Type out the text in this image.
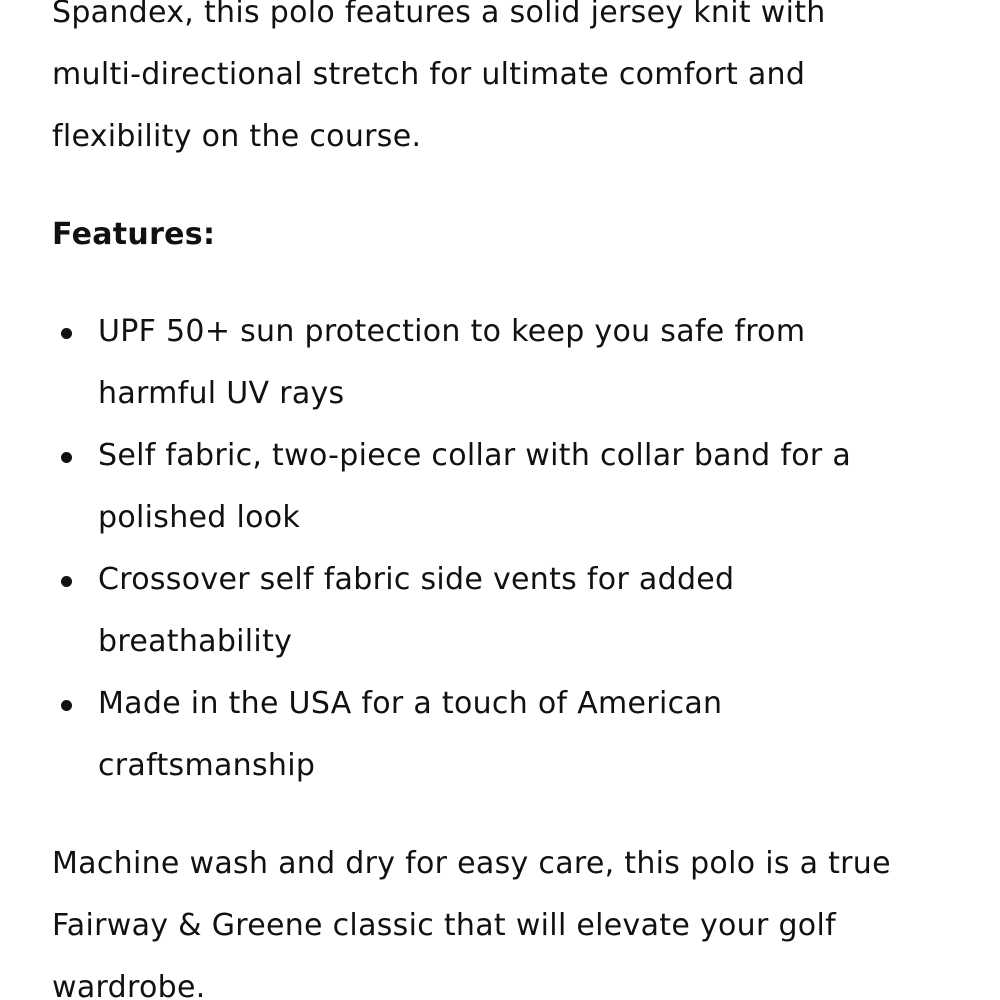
Spandex, this polo features a solid jersey knit with
multi-directional stretch for ultimate comfort and
flexibility on the course.

Features:

UPF 50+ sun protection to keep you safe from
harmful UV rays
Self fabric, two-piece collar with collar band for a
polished look
Crossover self fabric side vents for added
breathability
Made in the USA for a touch of American
craftsmanship

Machine wash and dry for easy care, this polo is a true
Fairway & Greene classic that will elevate your golf
wardrobe.
